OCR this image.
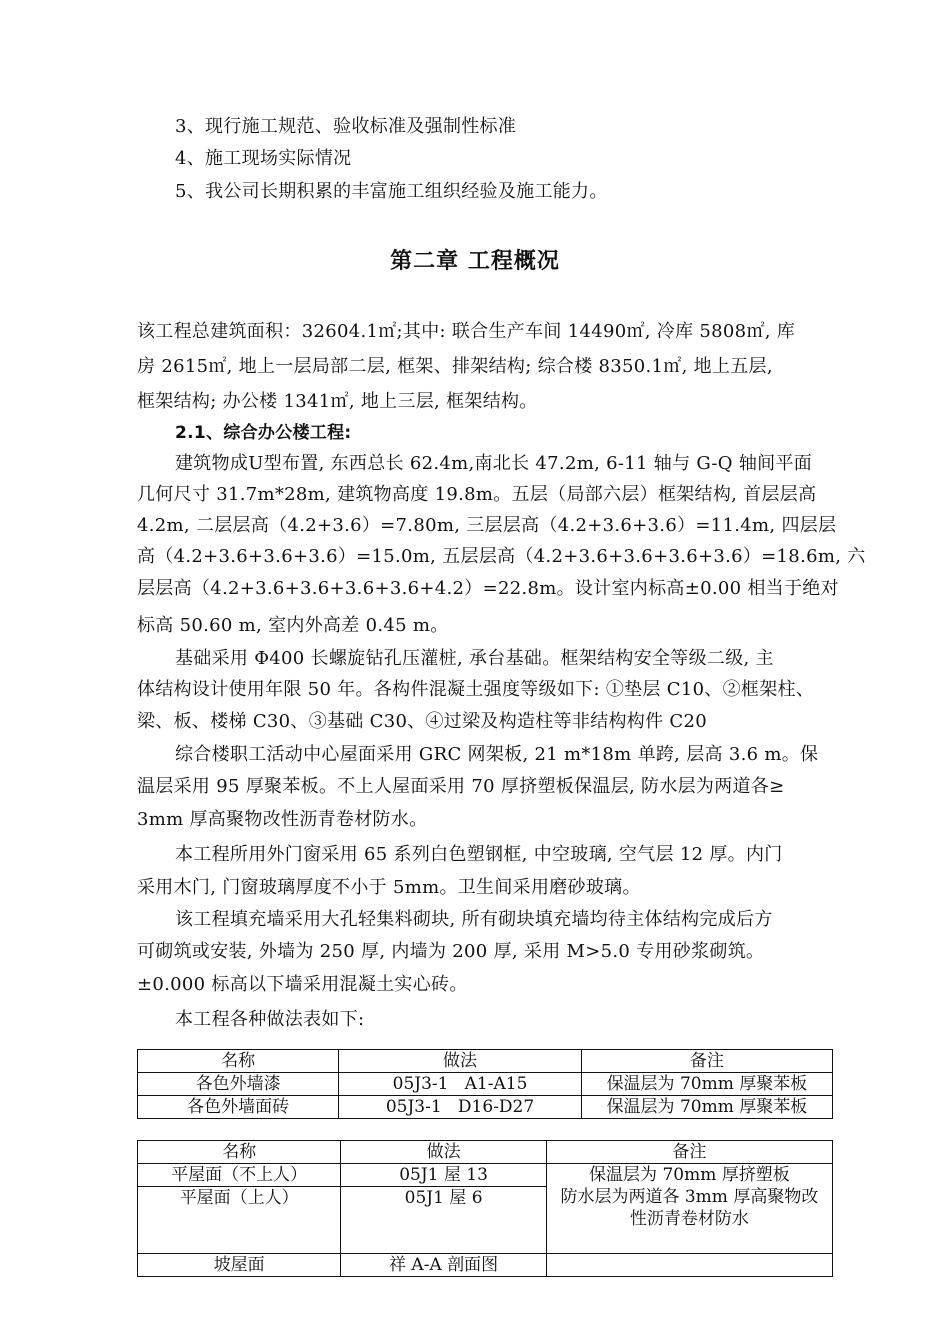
3、现行施工规范、验收标准及强制性标准
4、施工现场实际情况
5、我公司长期积累的丰富施工组织经验及施工能力。
第二章 工程概况
该工程总建筑面积：32604.1㎡;其中: 联合生产车间 14490㎡, 冷库 5808㎡, 库
房 2615㎡, 地上一层局部二层, 框架、排架结构; 综合楼 8350.1㎡, 地上五层,
框架结构; 办公楼 1341㎡, 地上三层, 框架结构。
2.1、综合办公楼工程:
建筑物成U型布置, 东西总长 62.4m,南北长 47.2m, 6-11 轴与 G-Q 轴间平面
几何尺寸 31.7m*28m, 建筑物高度 19.8m。五层（局部六层）框架结构, 首层层高
4.2m, 二层层高（4.2+3.6）=7.80m, 三层层高（4.2+3.6+3.6）=11.4m, 四层层
高（4.2+3.6+3.6+3.6）=15.0m, 五层层高（4.2+3.6+3.6+3.6+3.6）=18.6m, 六
层层高（4.2+3.6+3.6+3.6+3.6+4.2）=22.8m。设计室内标高±0.00 相当于绝对
标高 50.60 m, 室内外高差 0.45 m。
基础采用 Φ400 长螺旋钻孔压灌桩, 承台基础。框架结构安全等级二级, 主
体结构设计使用年限 50 年。各构件混凝土强度等级如下: ①垫层 C10、②框架柱、
梁、板、楼梯 C30、③基础 C30、④过梁及构造柱等非结构构件 C20
综合楼职工活动中心屋面采用 GRC 网架板, 21 m*18m 单跨, 层高 3.6 m。保
温层采用 95 厚聚苯板。不上人屋面采用 70 厚挤塑板保温层, 防水层为两道各≥
3mm 厚高聚物改性沥青卷材防水。
本工程所用外门窗采用 65 系列白色塑钢框, 中空玻璃, 空气层 12 厚。内门
采用木门, 门窗玻璃厚度不小于 5mm。卫生间采用磨砂玻璃。
该工程填充墙采用大孔轻集料砌块, 所有砌块填充墙均待主体结构完成后方
可砌筑或安装, 外墙为 250 厚, 内墙为 200 厚, 采用 M>5.0 专用砂浆砌筑。
±0.000 标高以下墙采用混凝土实心砖。
本工程各种做法表如下:
名称	做法	备注
各色外墙漆	05J3-1   A1-A15	保温层为 70mm 厚聚苯板
各色外墙面砖	05J3-1   D16-D27	保温层为 70mm 厚聚苯板
名称	做法	备注
平屋面（不上人）	05J1 屋 13	保温层为 70mm 厚挤塑板
防水层为两道各 3mm 厚高聚物改
性沥青卷材防水

平屋面（上人）	05J1 屋 6	
坡屋面	祥 A-A 剖面图	
